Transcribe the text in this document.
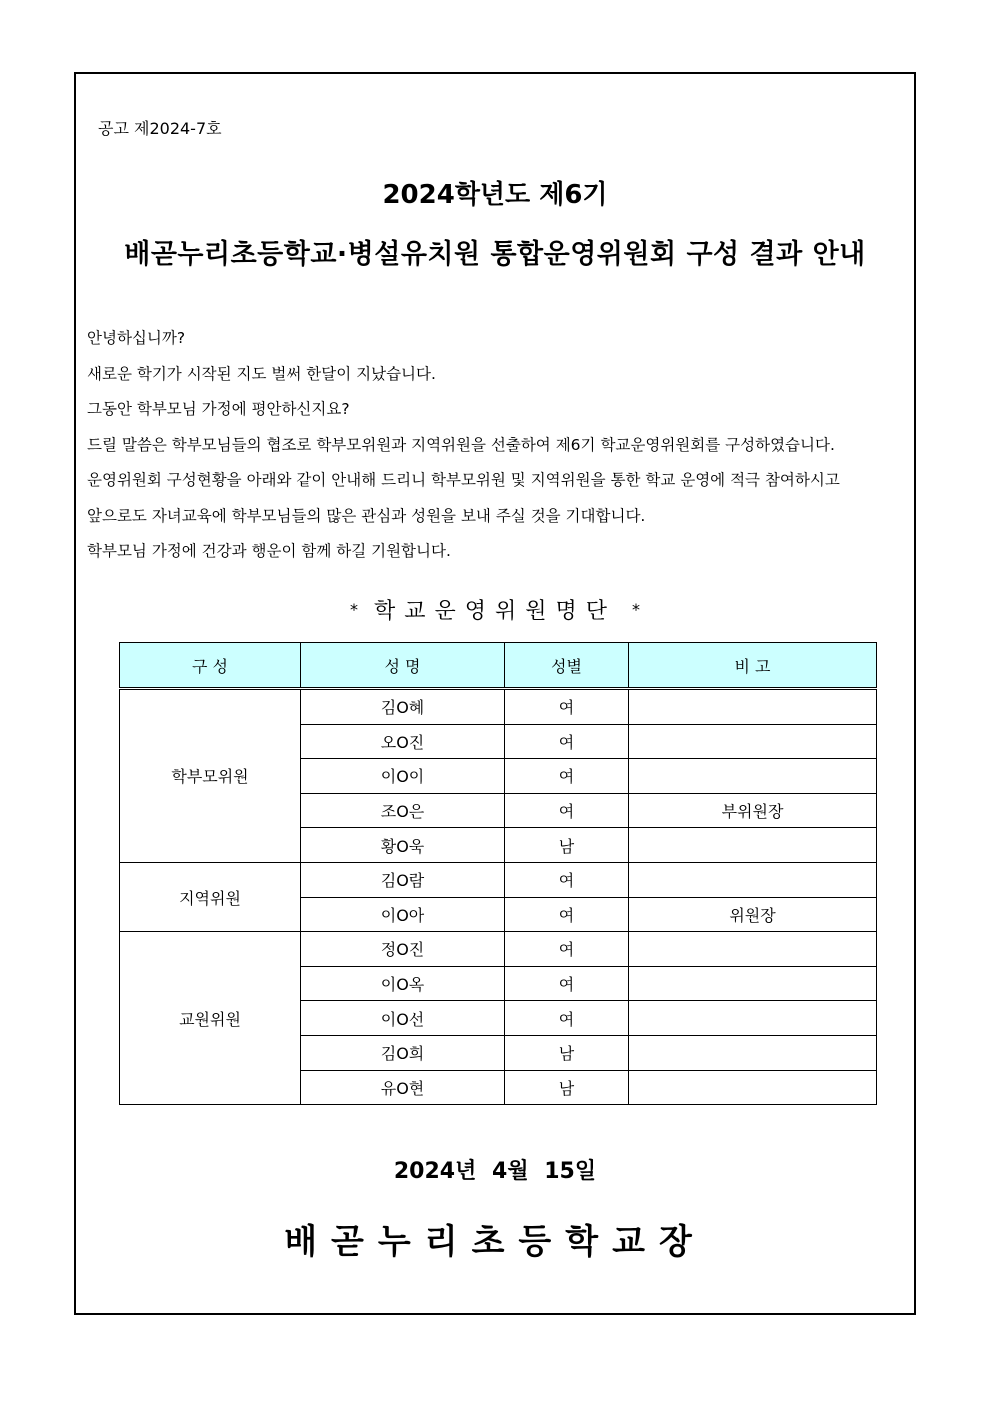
공고 제2024-7호
2024학년도 제6기
배곧누리초등학교·병설유치원 통합운영위원회 구성 결과 안내

안녕하십니까?

새로운 학기가 시작된 지도 벌써 한달이 지났습니다.

그동안 학부모님 가정에 평안하신지요?

드릴 말씀은 학부모님들의 협조로 학부모위원과 지역위원을 선출하여 제6기 학교운영위원회를 구성하였습니다.

운영위원회 구성현황을 아래와 같이 안내해 드리니 학부모위원 및 지역위원을 통한 학교 운영에 적극 참여하시고

앞으로도 자녀교육에 학부모님들의 많은 관심과 성원을 보내 주실 것을 기대합니다.

학부모님 가정에 건강과 행운이 함께 하길 기원합니다.

* 학교운영위원명단 *
구 성	성 명	성별	비 고
학부모위원	김O혜	여	
	오O진	여	
	이O이	여	
	조O은	여	부위원장
	황O욱	남	
지역위원	김O람	여	
	이O아	여	위원장
교원위원	정O진	여	
	이O옥	여	
	이O선	여	
	김O희	남	
	유O현	남	
2024년 4월 15일
배곧누리초등학교장
